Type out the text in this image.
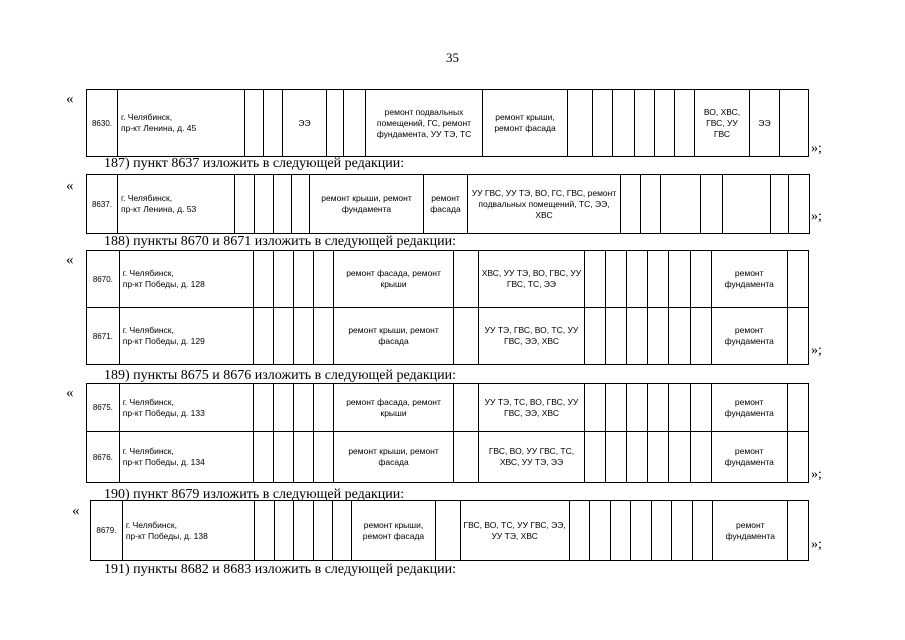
35
«
8630.	г. Челябинск,
пр-кт Ленина, д. 45			ЭЭ			ремонт подвальных помещений, ГС, ремонт фундамента, УУ ТЭ, ТС	ремонт крыши, ремонт фасада							ВО, ХВС, ГВС, УУ ГВС	ЭЭ	
»;
187) пункт 8637 изложить в следующей редакции:
«
8637.	г. Челябинск,
пр-кт Ленина, д. 53					ремонт крыши, ремонт фундамента	ремонт фасада	УУ ГВС, УУ ТЭ, ВО, ГС, ГВС, ремонт подвальных помещений, ТС, ЭЭ, ХВС								»;
188) пункты 8670 и 8671 изложить в следующей редакции:
«
8670.	г. Челябинск,
пр-кт Победы, д. 128					ремонт фасада, ремонт крыши		ХВС, УУ ТЭ, ВО, ГВС, УУ ГВС, ТС, ЭЭ							ремонт фундамента	
8671.	г. Челябинск,
пр-кт Победы, д. 129					ремонт крыши, ремонт фасада		УУ ТЭ, ГВС, ВО, ТС, УУ ГВС, ЭЭ, ХВС							ремонт фундамента	
»;
189) пункты 8675 и 8676 изложить в следующей редакции:
«
8675.	г. Челябинск,
пр-кт Победы, д. 133					ремонт фасада, ремонт крыши		УУ ТЭ, ТС, ВО, ГВС, УУ ГВС, ЭЭ, ХВС							ремонт фундамента	
8676.	г. Челябинск,
пр-кт Победы, д. 134					ремонт крыши, ремонт фасада		ГВС, ВО, УУ ГВС, ТС, ХВС, УУ ТЭ, ЭЭ							ремонт фундамента	
»;
190) пункт 8679 изложить в следующей редакции:
«
8679.	г. Челябинск,
пр-кт Победы, д. 138						ремонт крыши, ремонт фасада		ГВС, ВО, ТС, УУ ГВС, ЭЭ, УУ ТЭ, ХВС								ремонт фундамента	
»;
191) пункты 8682 и 8683 изложить в следующей редакции:
